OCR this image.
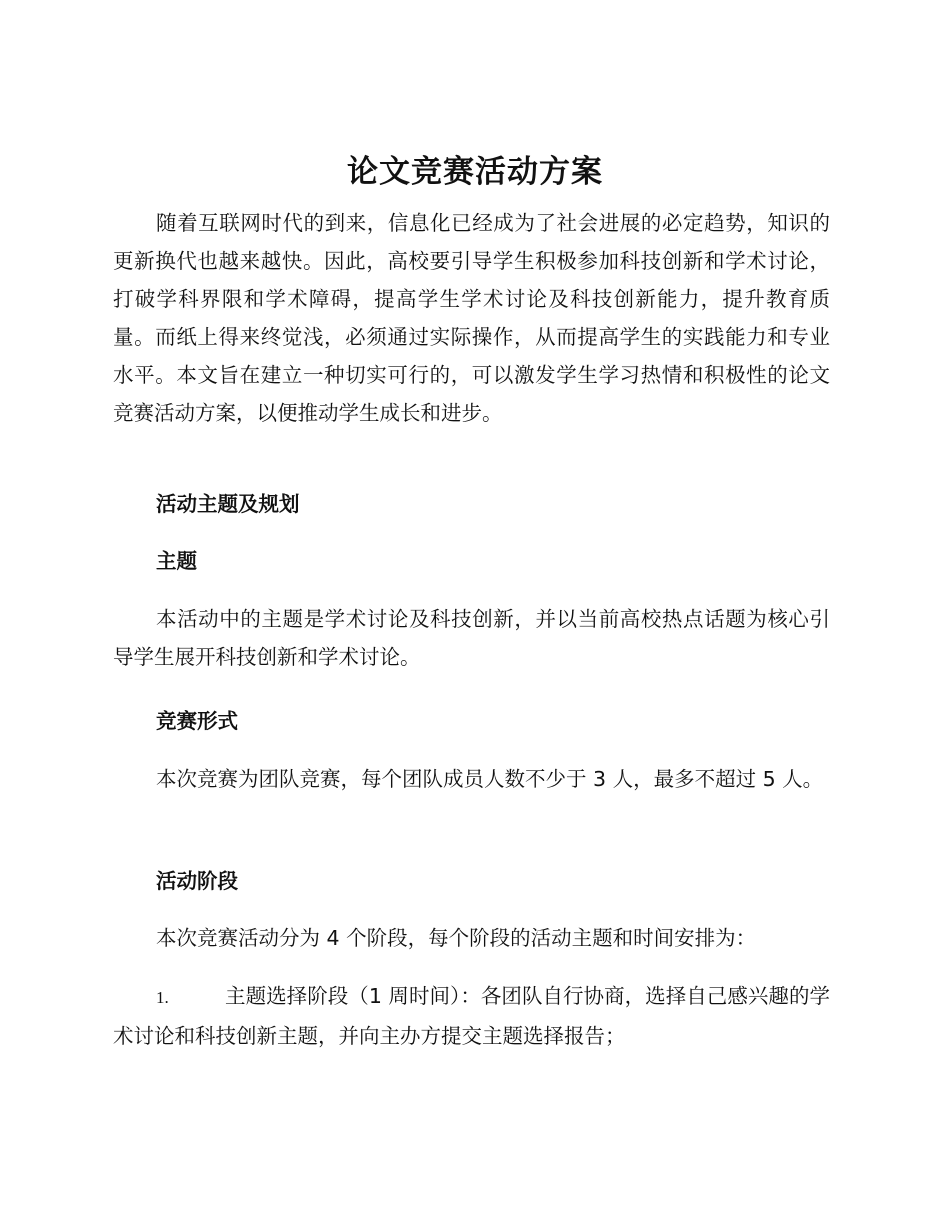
论文竞赛活动方案
随着互联网时代的到来，信息化已经成为了社会进展的必定趋势，知识的更新换代也越来越快。因此，高校要引导学生积极参加科技创新和学术讨论，打破学科界限和学术障碍，提高学生学术讨论及科技创新能力，提升教育质量。而纸上得来终觉浅，必须通过实际操作，从而提高学生的实践能力和专业水平。本文旨在建立一种切实可行的，可以激发学生学习热情和积极性的论文竞赛活动方案，以便推动学生成长和进步。
活动主题及规划
主题
本活动中的主题是学术讨论及科技创新，并以当前高校热点话题为核心引导学生展开科技创新和学术讨论。
竞赛形式
本次竞赛为团队竞赛，每个团队成员人数不少于 3 人，最多不超过 5 人。
活动阶段
本次竞赛活动分为 4 个阶段，每个阶段的活动主题和时间安排为：
1.	主题选择阶段（1 周时间）：各团队自行协商，选择自己感兴趣的学术讨论和科技创新主题，并向主办方提交主题选择报告；
